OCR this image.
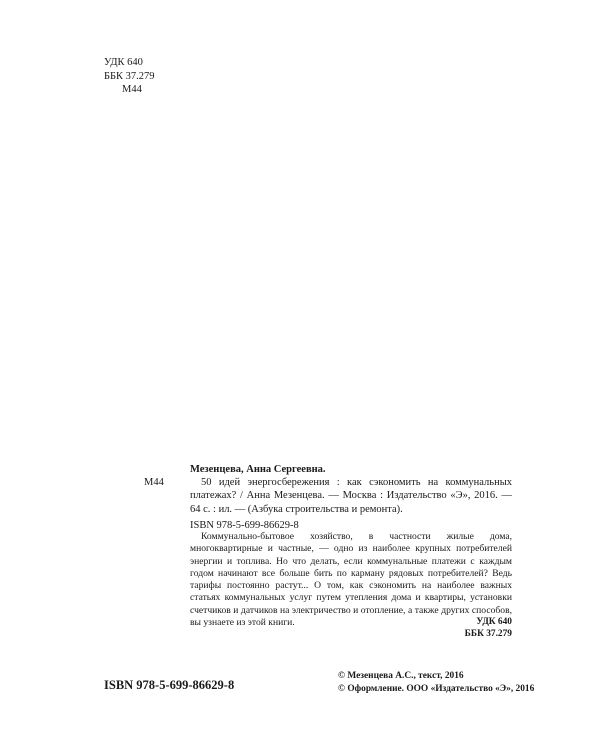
УДК 640
ББК 37.279
М44
М44
Мезенцева, Анна Сергеевна.
50 идей энергосбережения : как сэкономить на коммунальных платежах? / Анна Мезенцева. — Москва : Издательство «Э», 2016. — 64 с. : ил. — (Азбука строительства и ремонта).
ISBN 978-5-699-86629-8
Коммунально-бытовое хозяйство, в частности жилые дома, многоквартирные и частные, — одно из наиболее крупных потребителей энергии и топлива. Но что делать, если коммунальные платежи с каждым годом начинают все больше бить по карману рядовых потребителей? Ведь тарифы постоянно растут... О том, как сэкономить на наиболее важных статьях коммунальных услуг путем утепления дома и квартиры, установки счетчиков и датчиков на электричество и отопление, а также других способов, вы узнаете из этой книги.	УДК 640
ББК 37.279
ISBN 978-5-699-86629-8
© Мезенцева А.С., текст, 2016
© Оформление. ООО «Издательство «Э», 2016
